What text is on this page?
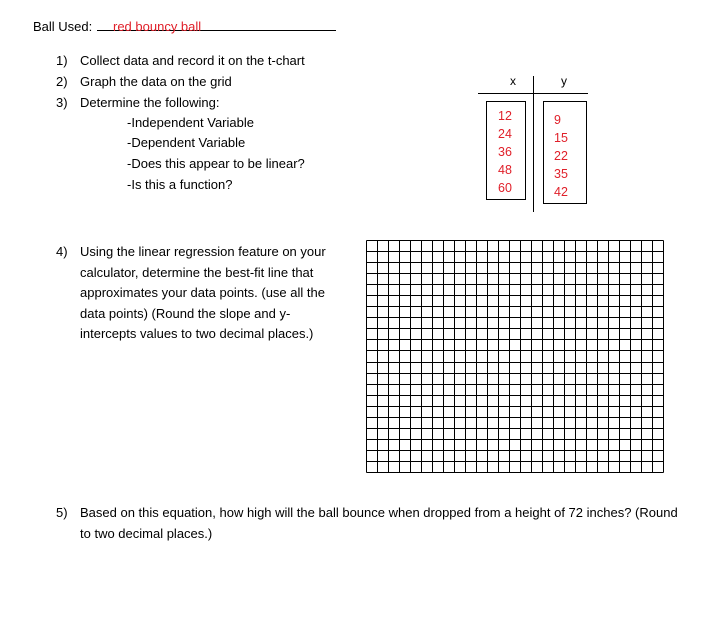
Ball Used: red bouncy ball
1) Collect data and record it on the t-chart
2) Graph the data on the grid
3) Determine the following:
-Independent Variable
-Dependent Variable
-Does this appear to be linear?
-Is this a function?
x	y
12
24
36
48
60
9
15
22
35
42
4) Using the linear regression feature on your calculator, determine the best-fit line that approximates your data points. (use all the data points) (Round the slope and y-intercepts values to two decimal places.)
5) Based on this equation, how high will the ball bounce when dropped from a height of 72 inches? (Round to two decimal places.)
